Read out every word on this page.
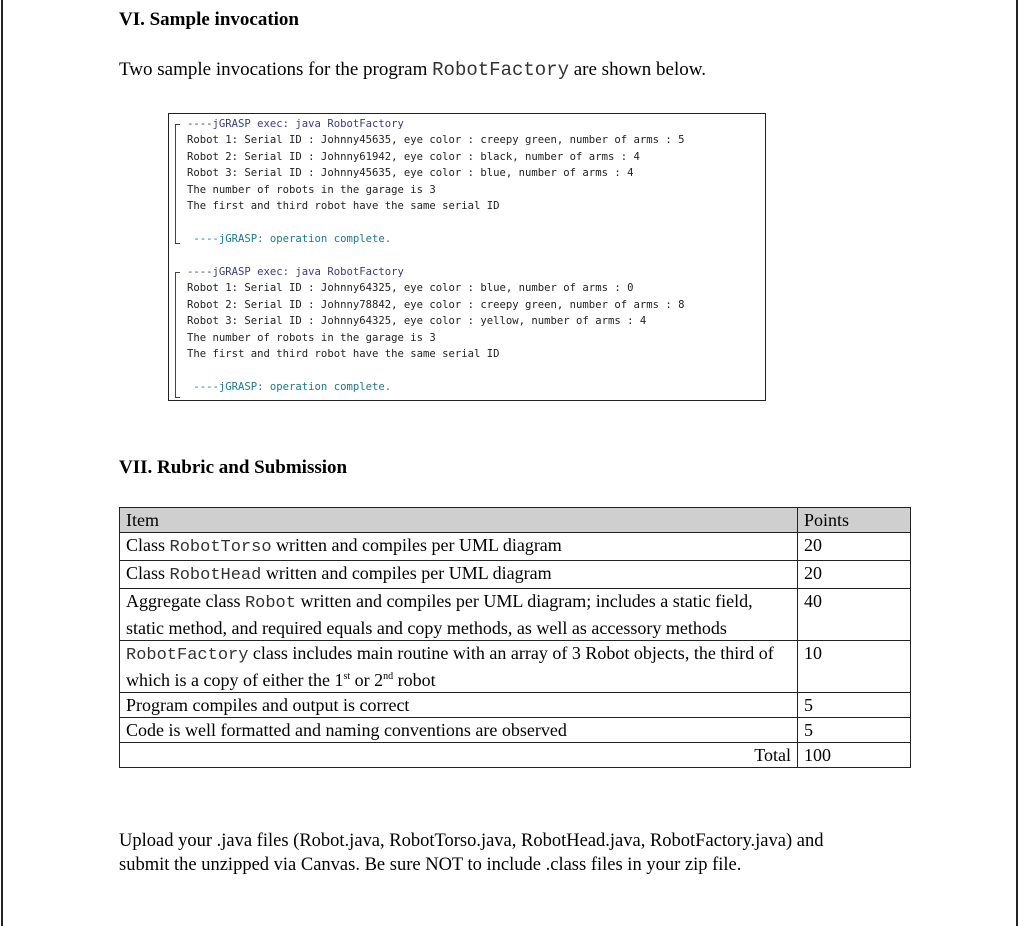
VI. Sample invocation
Two sample invocations for the program RobotFactory are shown below.
----jGRASP exec: java RobotFactory
Robot 1: Serial ID : Johnny45635, eye color : creepy green, number of arms : 5
Robot 2: Serial ID : Johnny61942, eye color : black, number of arms : 4
Robot 3: Serial ID : Johnny45635, eye color : blue, number of arms : 4
The number of robots in the garage is 3
The first and third robot have the same serial ID
----jGRASP: operation complete.
----jGRASP exec: java RobotFactory
Robot 1: Serial ID : Johnny64325, eye color : blue, number of arms : 0
Robot 2: Serial ID : Johnny78842, eye color : creepy green, number of arms : 8
Robot 3: Serial ID : Johnny64325, eye color : yellow, number of arms : 4
The number of robots in the garage is 3
The first and third robot have the same serial ID
----jGRASP: operation complete.
VII. Rubric and Submission
Item	Points
Class RobotTorso written and compiles per UML diagram	20
Class RobotHead written and compiles per UML diagram	20
Aggregate class Robot written and compiles per UML diagram; includes a static field, static method, and required equals and copy methods, as well as accessory methods	40
RobotFactory class includes main routine with an array of 3 Robot objects, the third of which is a copy of either the 1st or 2nd robot	10
Program compiles and output is correct	5
Code is well formatted and naming conventions are observed	5
Total	100
Upload your .java files (Robot.java, RobotTorso.java, RobotHead.java, RobotFactory.java) and
submit the unzipped via Canvas. Be sure NOT to include .class files in your zip file.
